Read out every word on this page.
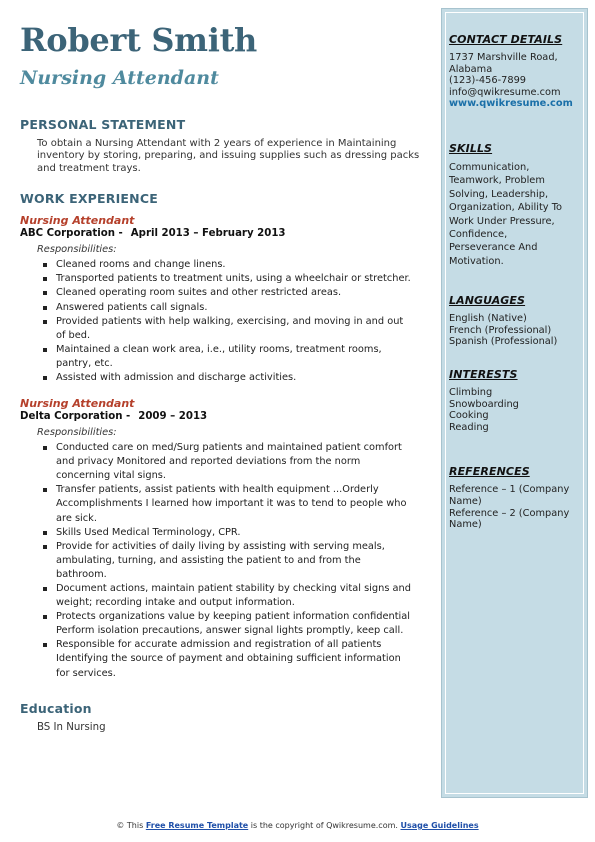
Robert Smith
Nursing Attendant
PERSONAL STATEMENT
To obtain a Nursing Attendant with 2 years of experience in Maintaining
inventory by storing, preparing, and issuing supplies such as dressing packs
and treatment trays.
WORK EXPERIENCE
Nursing Attendant
ABC Corporation - April 2013 – February 2013
Responsibilities:
Cleaned rooms and change linens.
Transported patients to treatment units, using a wheelchair or stretcher.
Cleaned operating room suites and other restricted areas.
Answered patients call signals.
Provided patients with help walking, exercising, and moving in and out
of bed.
Maintained a clean work area, i.e., utility rooms, treatment rooms,
pantry, etc.
Assisted with admission and discharge activities.
Nursing Attendant
Delta Corporation - 2009 – 2013
Responsibilities:
Conducted care on med/Surg patients and maintained patient comfort
and privacy Monitored and reported deviations from the norm
concerning vital signs.
Transfer patients, assist patients with health equipment ...Orderly
Accomplishments I learned how important it was to tend to people who
are sick.
Skills Used Medical Terminology, CPR.
Provide for activities of daily living by assisting with serving meals,
ambulating, turning, and assisting the patient to and from the
bathroom.
Document actions, maintain patient stability by checking vital signs and
weight; recording intake and output information.
Protects organizations value by keeping patient information confidential
Perform isolation precautions, answer signal lights promptly, keep call.
Responsible for accurate admission and registration of all patients
Identifying the source of payment and obtaining sufficient information
for services.
Education
BS In Nursing
CONTACT DETAILS
1737 Marshville Road,
Alabama
(123)-456-7899
info@qwikresume.com
www.qwikresume.com
SKILLS
Communication,
Teamwork, Problem
Solving, Leadership,
Organization, Ability To
Work Under Pressure,
Confidence,
Perseverance And
Motivation.
LANGUAGES
English (Native)
French (Professional)
Spanish (Professional)
INTERESTS
Climbing
Snowboarding
Cooking
Reading
REFERENCES
Reference – 1 (Company
Name)
Reference – 2 (Company
Name)
© This Free Resume Template is the copyright of Qwikresume.com. Usage Guidelines
